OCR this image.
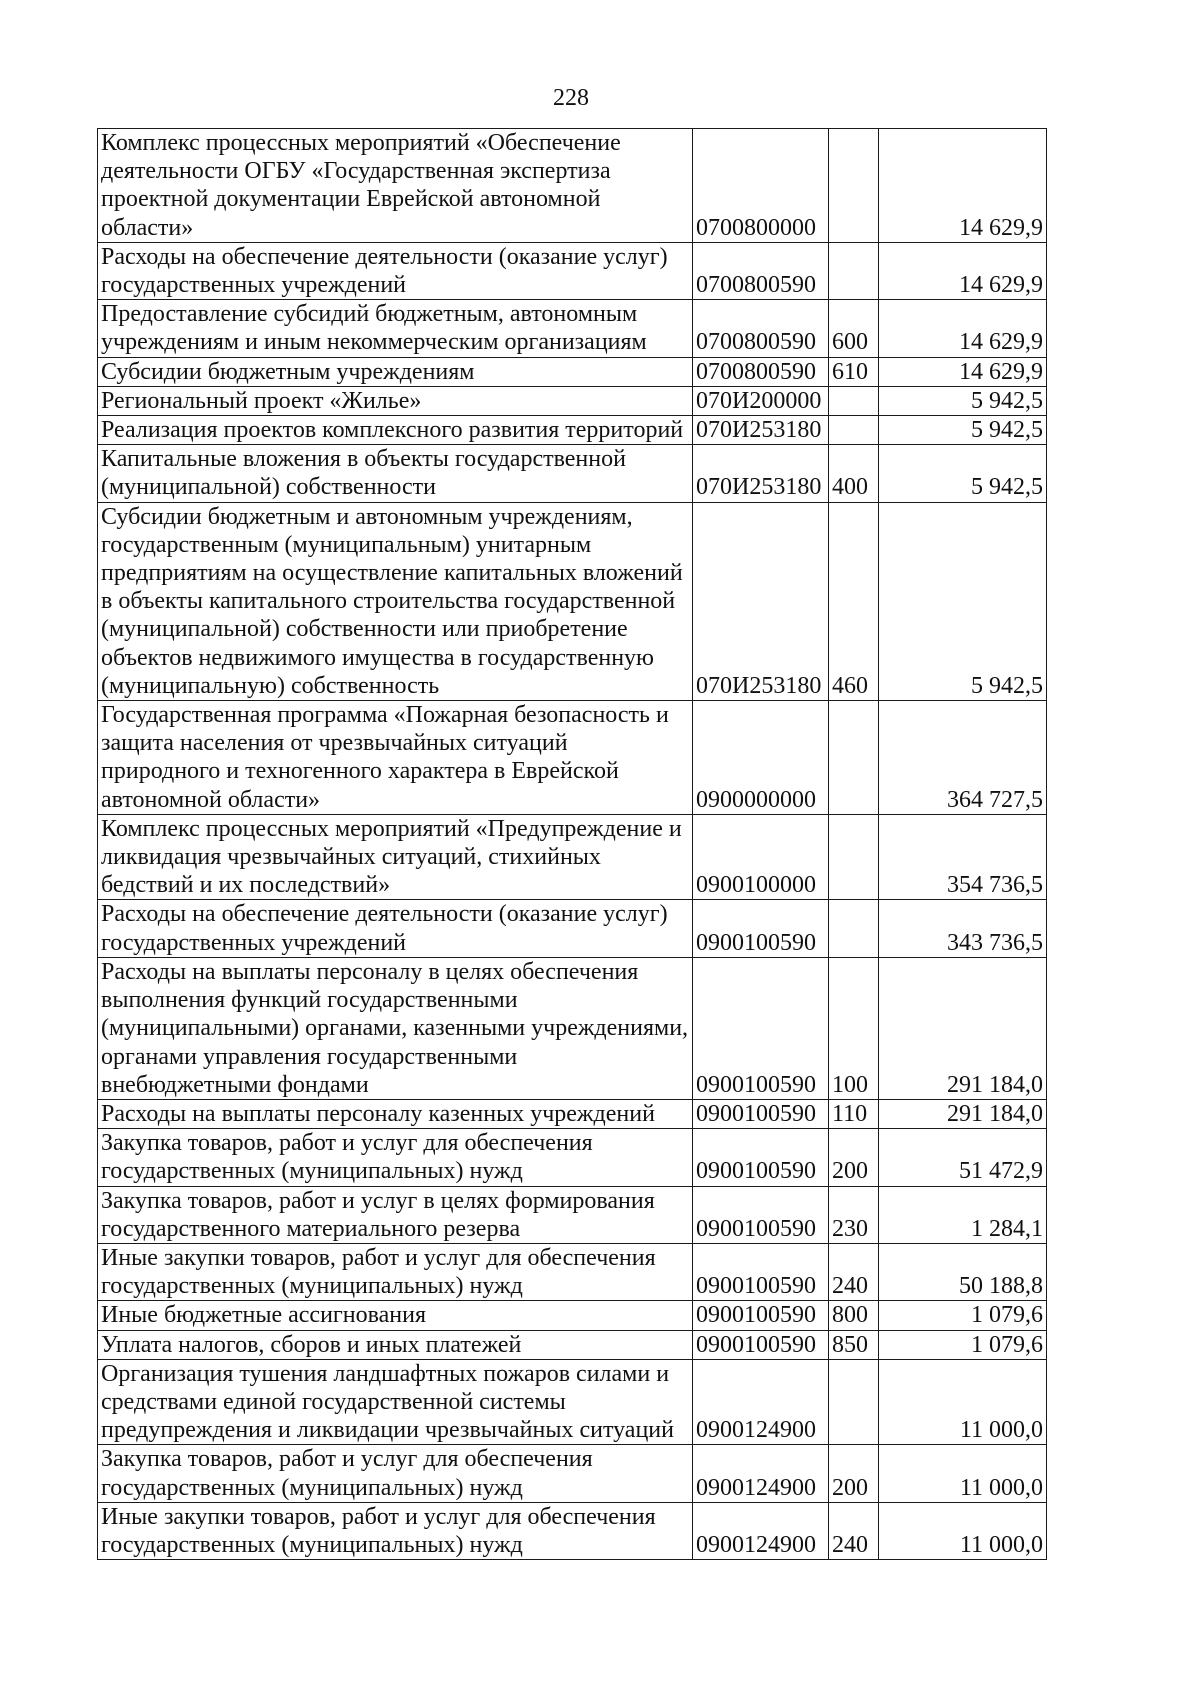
228
Комплекс процессных мероприятий «Обеспечение деятельности ОГБУ «Государственная экспертиза проектной документации Еврейской автономной области»	0700800000		14 629,9
Расходы на обеспечение деятельности (оказание услуг) государственных учреждений	0700800590		14 629,9
Предоставление субсидий бюджетным, автономным учреждениям и иным некоммерческим организациям	0700800590	600	14 629,9
Субсидии бюджетным учреждениям	0700800590	610	14 629,9
Региональный проект «Жилье»	070И200000		5 942,5
Реализация проектов комплексного развития территорий	070И253180		5 942,5
Капитальные вложения в объекты государственной (муниципальной) собственности	070И253180	400	5 942,5
Субсидии бюджетным и автономным учреждениям, государственным (муниципальным) унитарным предприятиям на осуществление капитальных вложений в объекты капитального строительства государственной (муниципальной) собственности или приобретение объектов недвижимого имущества в государственную (муниципальную) собственность	070И253180	460	5 942,5
Государственная программа «Пожарная безопасность и защита населения от чрезвычайных ситуаций природного и техногенного характера в Еврейской автономной области»	0900000000		364 727,5
Комплекс процессных мероприятий «Предупреждение и ликвидация чрезвычайных ситуаций, стихийных бедствий и их последствий»	0900100000		354 736,5
Расходы на обеспечение деятельности (оказание услуг) государственных учреждений	0900100590		343 736,5
Расходы на выплаты персоналу в целях обеспечения выполнения функций государственными (муниципальными) органами, казенными учреждениями, органами управления государственными внебюджетными фондами	0900100590	100	291 184,0
Расходы на выплаты персоналу казенных учреждений	0900100590	110	291 184,0
Закупка товаров, работ и услуг для обеспечения государственных (муниципальных) нужд	0900100590	200	51 472,9
Закупка товаров, работ и услуг в целях формирования государственного материального резерва	0900100590	230	1 284,1
Иные закупки товаров, работ и услуг для обеспечения государственных (муниципальных) нужд	0900100590	240	50 188,8
Иные бюджетные ассигнования	0900100590	800	1 079,6
Уплата налогов, сборов и иных платежей	0900100590	850	1 079,6
Организация тушения ландшафтных пожаров силами и средствами единой государственной системы предупреждения и ликвидации чрезвычайных ситуаций	0900124900		11 000,0
Закупка товаров, работ и услуг для обеспечения государственных (муниципальных) нужд	0900124900	200	11 000,0
Иные закупки товаров, работ и услуг для обеспечения государственных (муниципальных) нужд	0900124900	240	11 000,0
